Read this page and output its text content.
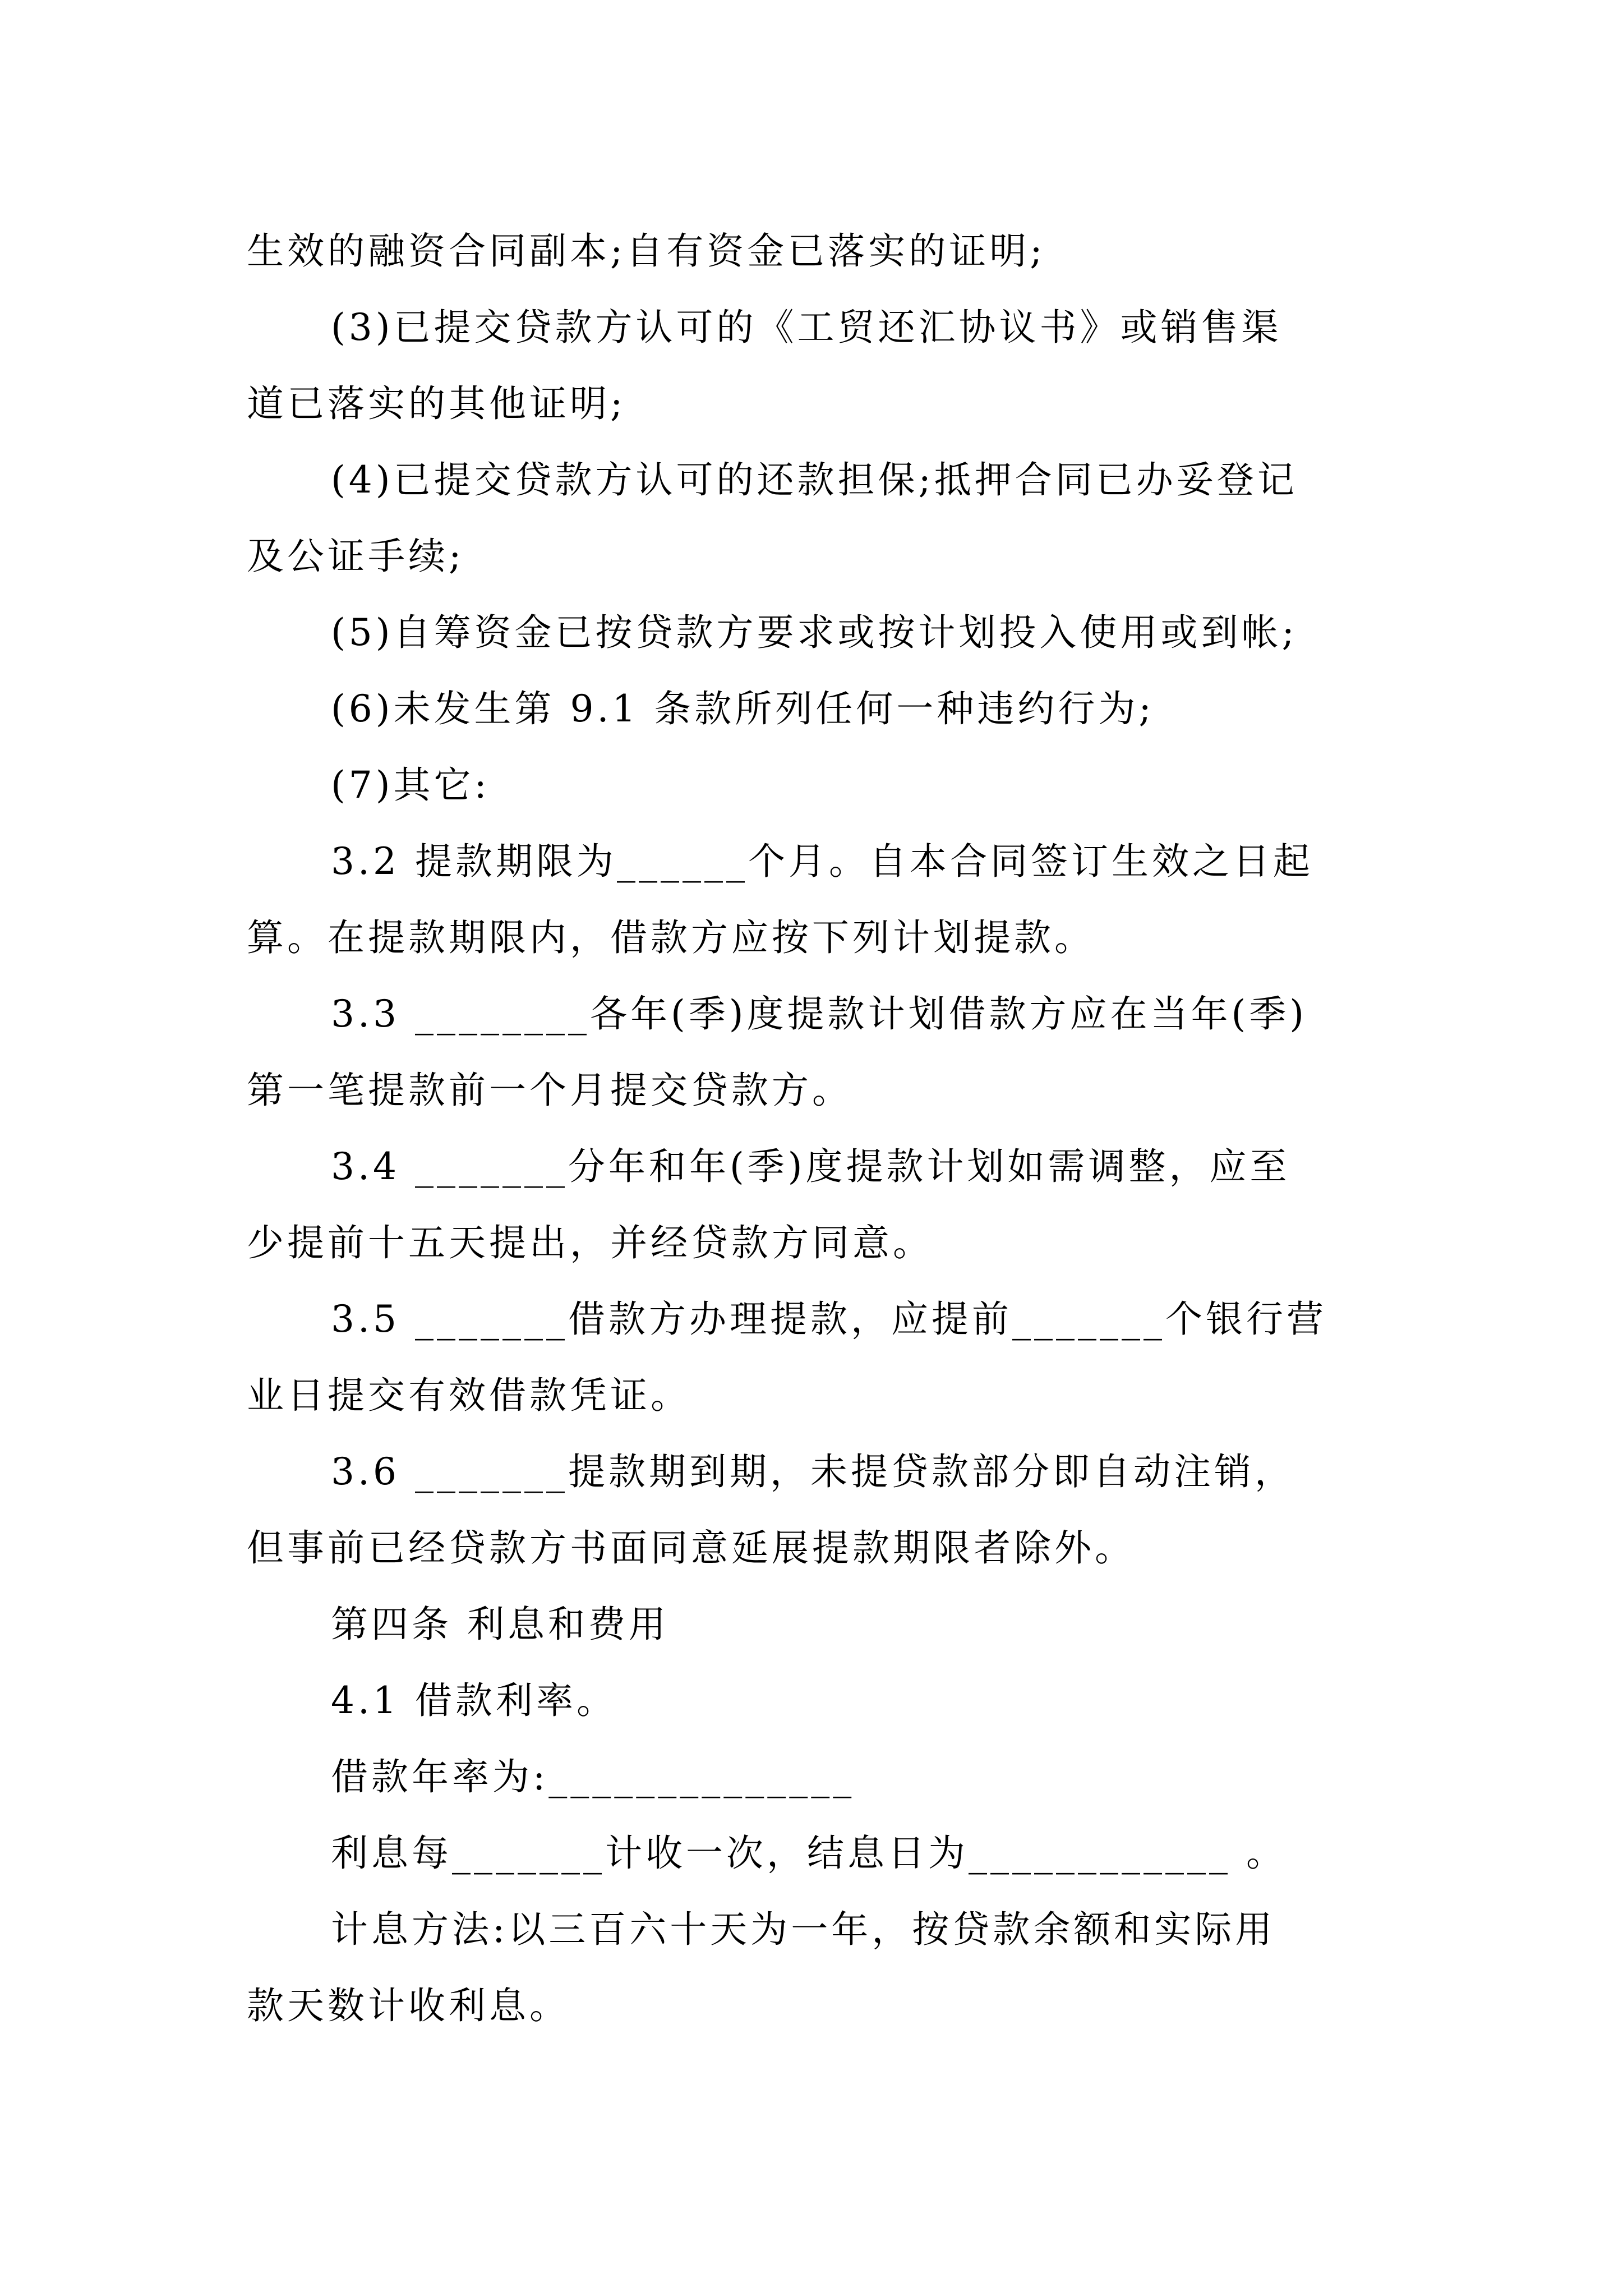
生效的融资合同副本;自有资金已落实的证明;
(3)已提交贷款方认可的《工贸还汇协议书》或销售渠
道已落实的其他证明;
(4)已提交贷款方认可的还款担保;抵押合同已办妥登记
及公证手续;
(5)自筹资金已按贷款方要求或按计划投入使用或到帐;
(6)未发生第 9.1 条款所列任何一种违约行为;
(7)其它:
3.2 提款期限为______个月。自本合同签订生效之日起
算。在提款期限内，借款方应按下列计划提款。
3.3 ________各年(季)度提款计划借款方应在当年(季)
第一笔提款前一个月提交贷款方。
3.4 _______分年和年(季)度提款计划如需调整，应至
少提前十五天提出，并经贷款方同意。
3.5 _______借款方办理提款，应提前_______个银行营
业日提交有效借款凭证。
3.6 _______提款期到期，未提贷款部分即自动注销，
但事前已经贷款方书面同意延展提款期限者除外。
第四条 利息和费用
4.1 借款利率。
借款年率为:______________
利息每_______计收一次，结息日为____________ 。
计息方法:以三百六十天为一年，按贷款余额和实际用
款天数计收利息。
